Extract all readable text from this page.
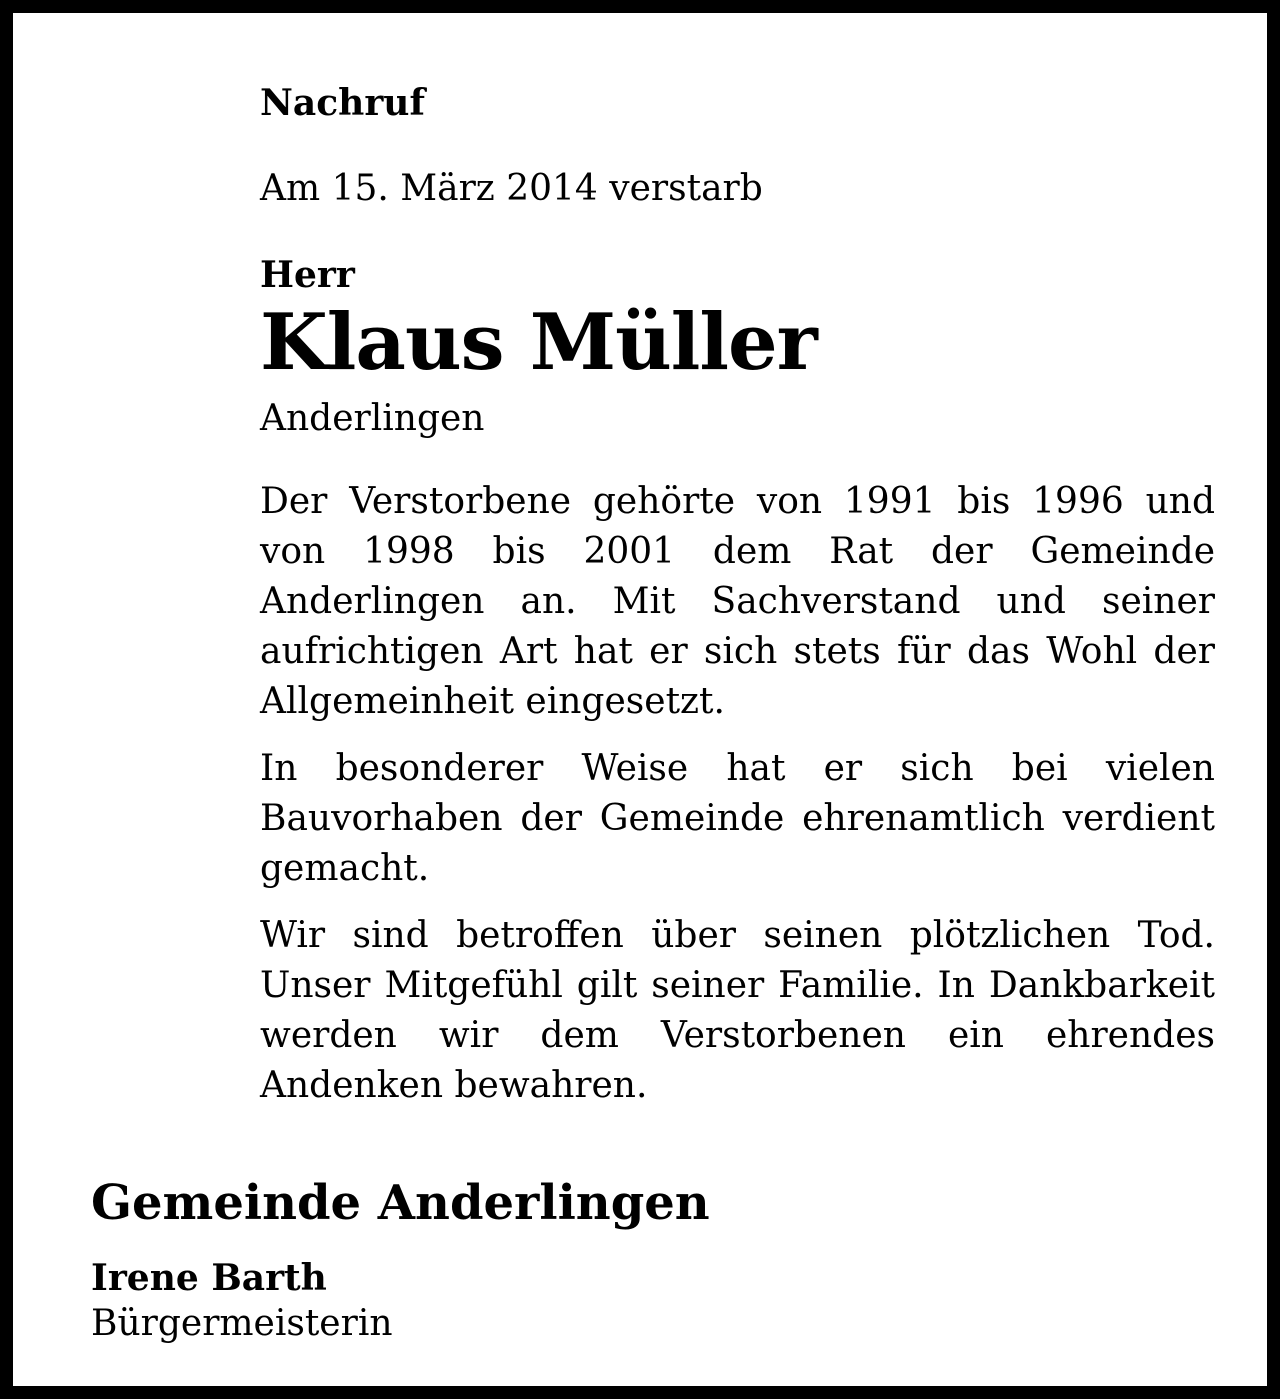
Nachruf

Am 15. März 2014 verstarb

Herr

Klaus Müller

Anderlingen

Der Verstorbene gehörte von 1991 bis 1996 und von 1998 bis 2001 dem Rat der Gemeinde Anderlingen an. Mit Sachverstand und seiner aufrichtigen Art hat er sich stets für das Wohl der Allgemeinheit eingesetzt.

In besonderer Weise hat er sich bei vielen Bauvorhaben der Gemeinde ehrenamtlich verdient gemacht.

Wir sind betroffen über seinen plötzlichen Tod. Unser Mitgefühl gilt seiner Familie. In Dankbarkeit werden wir dem Verstorbenen ein ehrendes Andenken bewahren.

Gemeinde Anderlingen

Irene Barth

Bürgermeisterin
